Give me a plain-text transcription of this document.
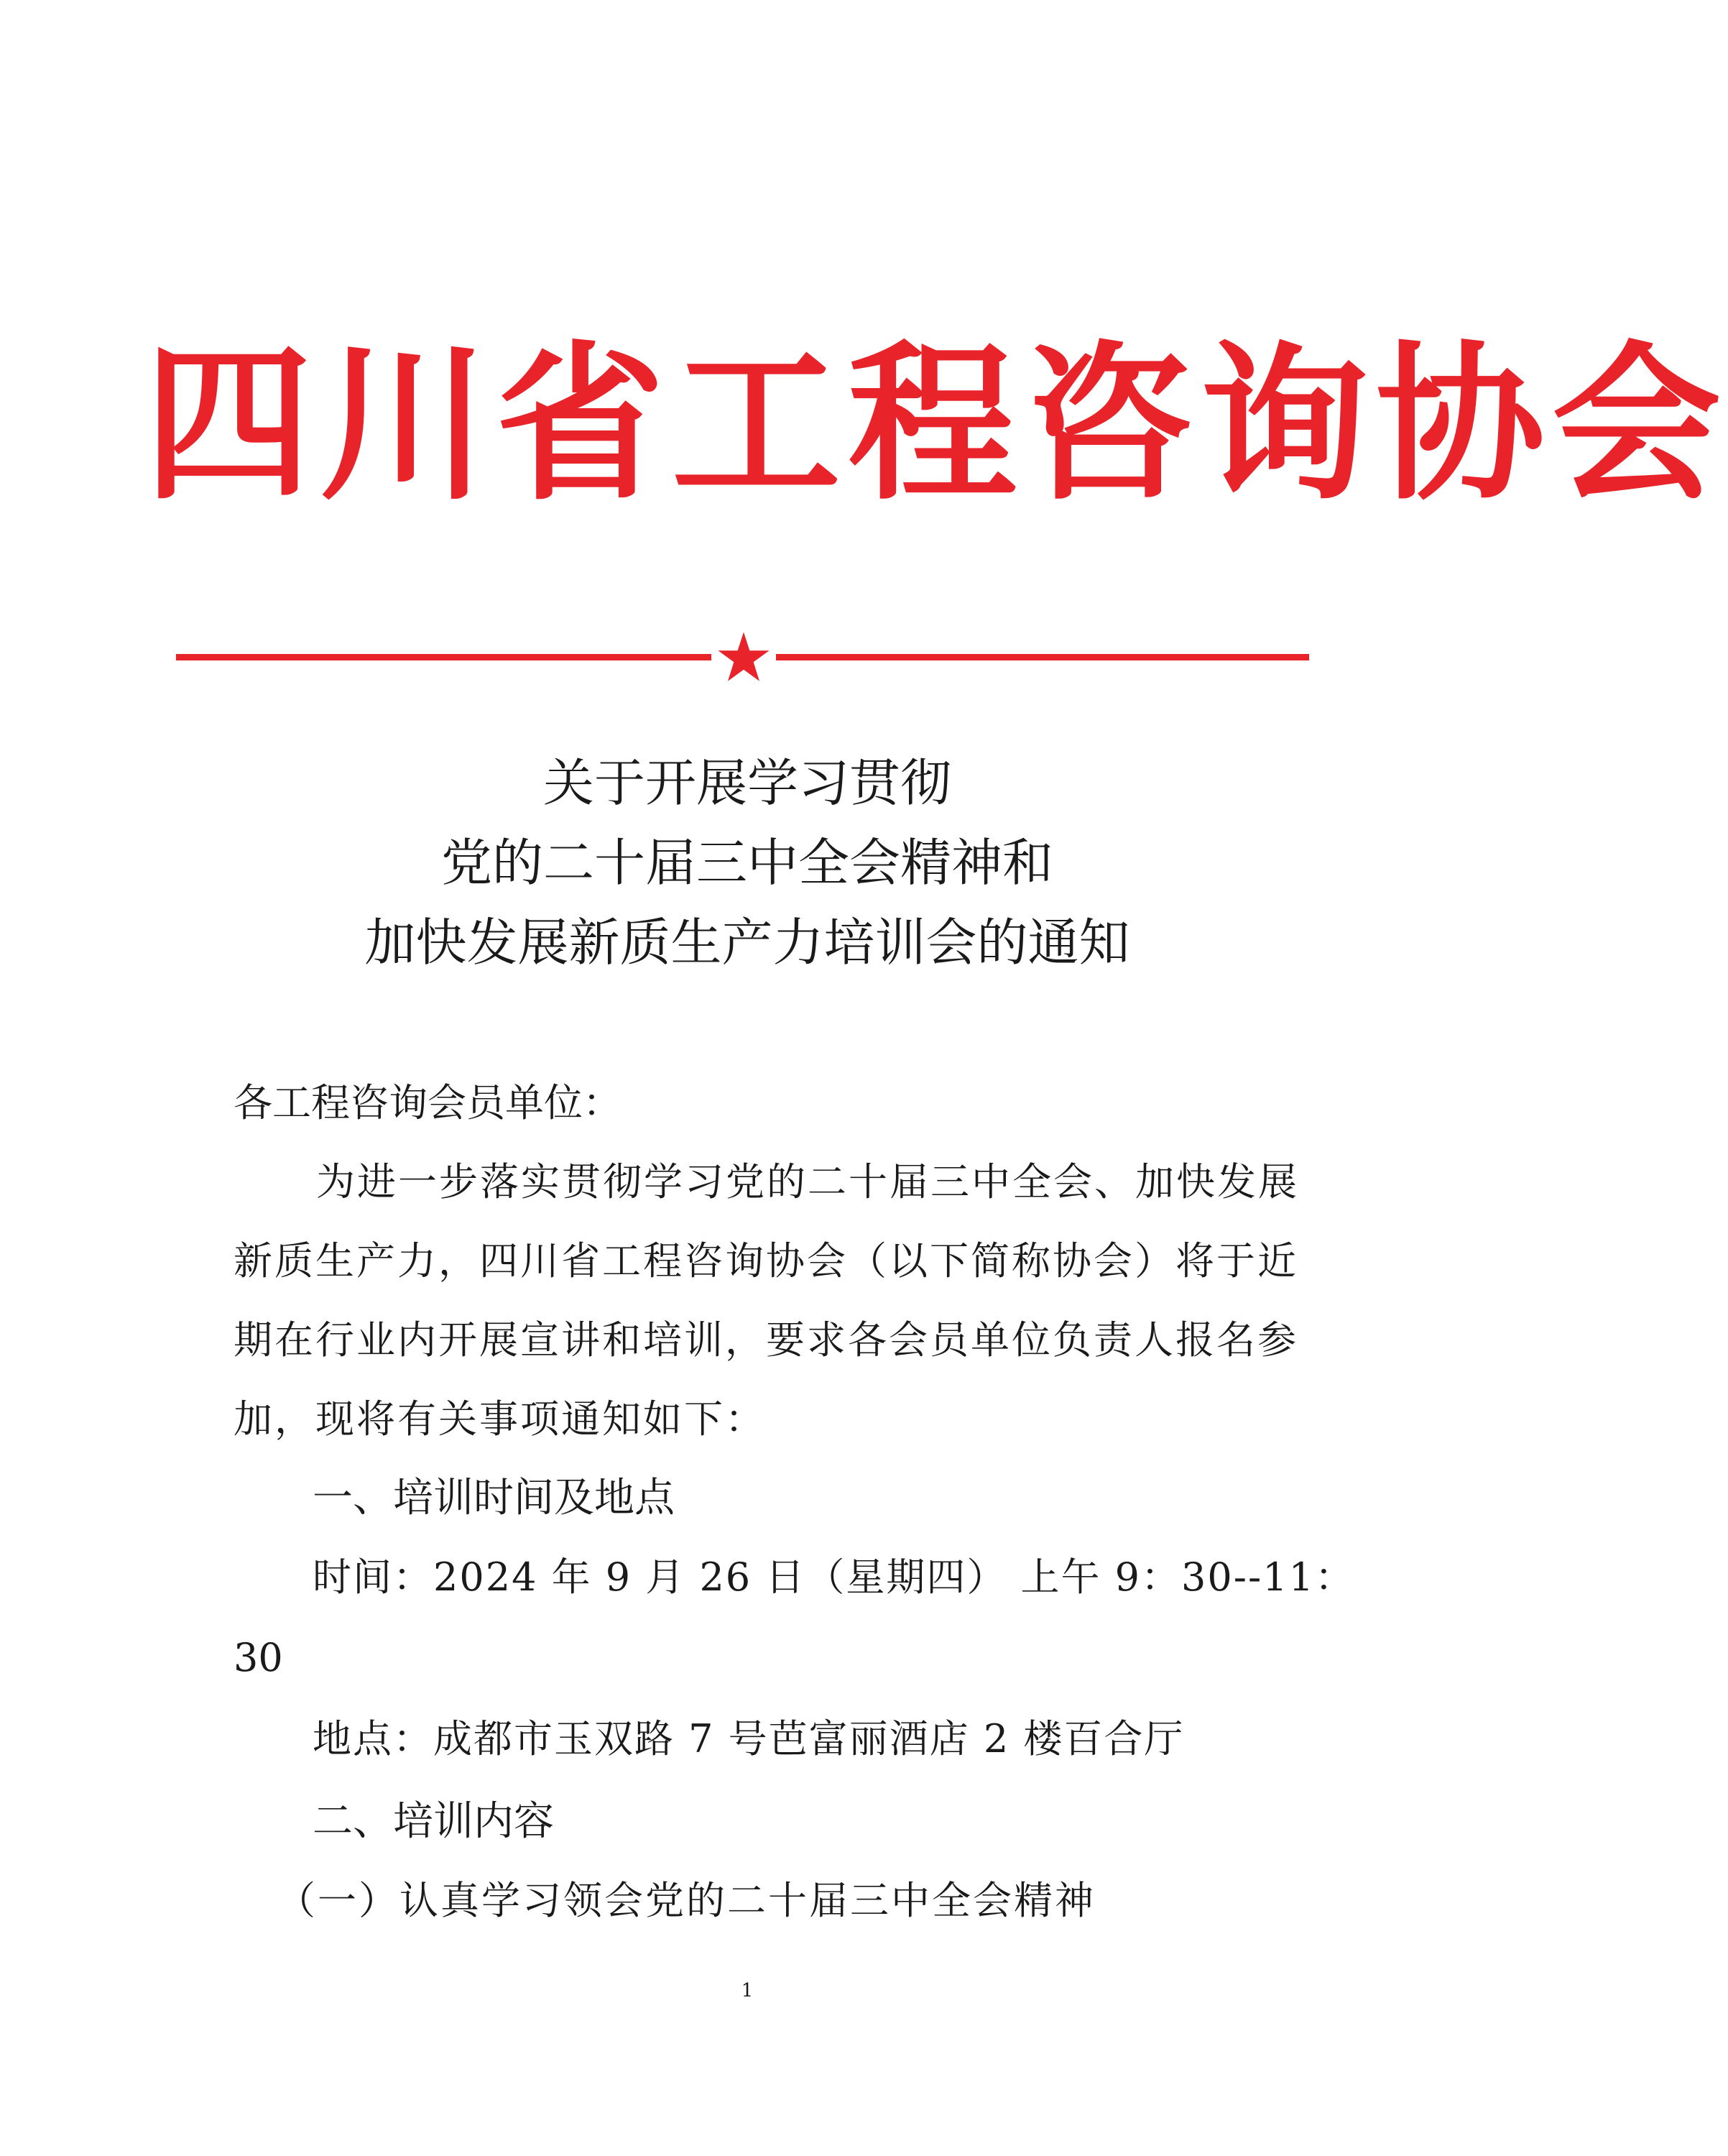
四川省工程咨询协会
关于开展学习贯彻
党的二十届三中全会精神和
加快发展新质生产力培训会的通知
各工程咨询会员单位：
为进一步落实贯彻学习党的二十届三中全会、加快发展
新质生产力，四川省工程咨询协会（以下简称协会）将于近
期在行业内开展宣讲和培训，要求各会员单位负责人报名参
加，现将有关事项通知如下：
一、培训时间及地点
时间：2024 年 9 月 26 日（星期四） 上午 9：30--11：
30
地点：成都市玉双路 7 号芭富丽酒店 2 楼百合厅
二、培训内容
（一）认真学习领会党的二十届三中全会精神
1
